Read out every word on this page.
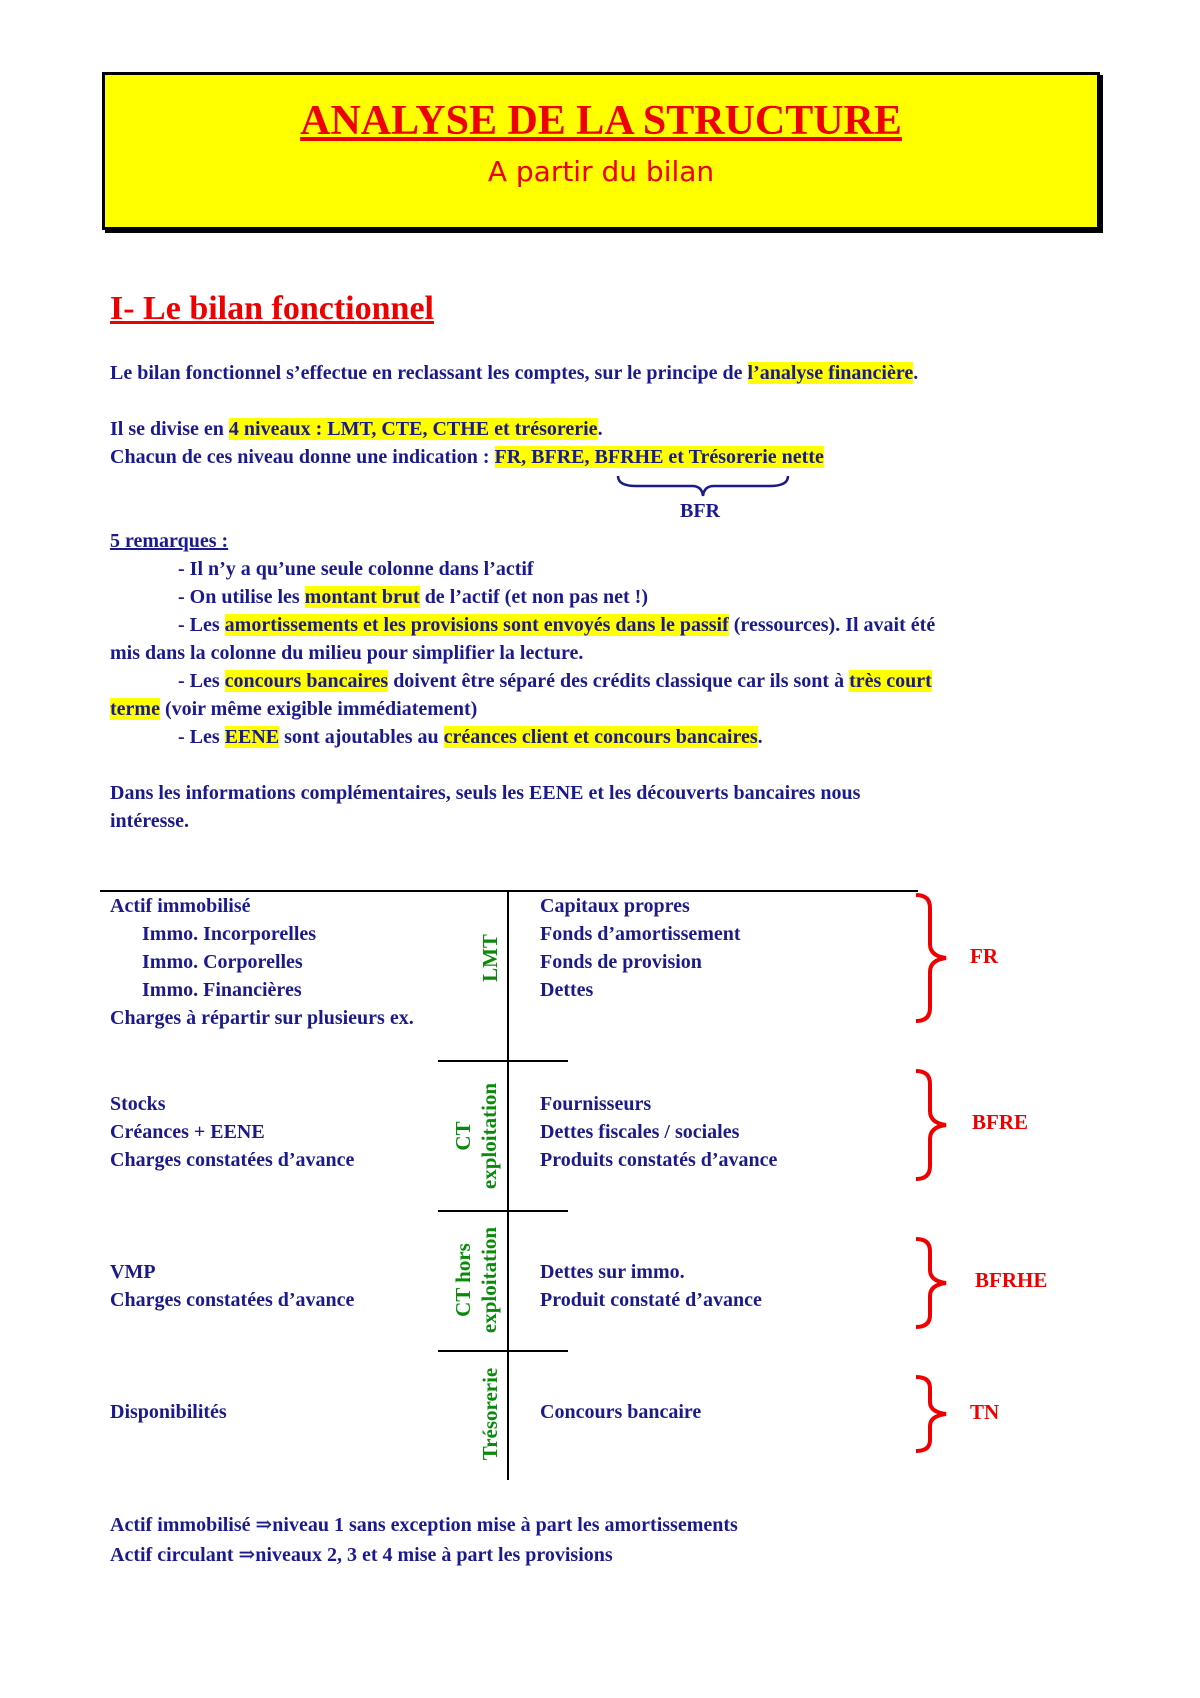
ANALYSE DE LA STRUCTURE
A partir du bilan
I- Le bilan fonctionnel
Le bilan fonctionnel s’effectue en reclassant les comptes, sur le principe de l’analyse financière.
Il se divise en 4 niveaux : LMT, CTE, CTHE et trésorerie.
Chacun de ces niveau donne une indication : FR, BFRE, BFRHE et Trésorerie nette
BFR
5 remarques :
- Il n’y a qu’une seule colonne dans l’actif
- On utilise les montant brut de l’actif (et non pas net !)
- Les amortissements et les provisions sont envoyés dans le passif (ressources). Il avait été
mis dans la colonne du milieu pour simplifier la lecture.
- Les concours bancaires doivent être séparé des crédits classique car ils sont à très court
terme (voir même exigible immédiatement)
- Les EENE sont ajoutables au créances client et concours bancaires.
Dans les informations complémentaires, seuls les EENE et les découverts bancaires nous
intéresse.
Actif immobilisé
Immo. Incorporelles
Immo. Corporelles
Immo. Financières
Charges à répartir sur plusieurs ex.
Capitaux propres
Fonds d’amortissement
Fonds de provision
Dettes
LMT
Stocks
Créances + EENE
Charges constatées d’avance
Fournisseurs
Dettes fiscales / sociales
Produits constatés d’avance
CT exploitation
VMP
Charges constatées d’avance
Dettes sur immo.
Produit constaté d’avance
CT hors exploitation
Disponibilités	Concours bancaire
Trésorerie
FR
BFRE
BFRHE
TN
Actif immobilisé ⇒niveau 1 sans exception mise à part les amortissements
Actif circulant ⇒niveaux 2, 3 et 4 mise à part les provisions
